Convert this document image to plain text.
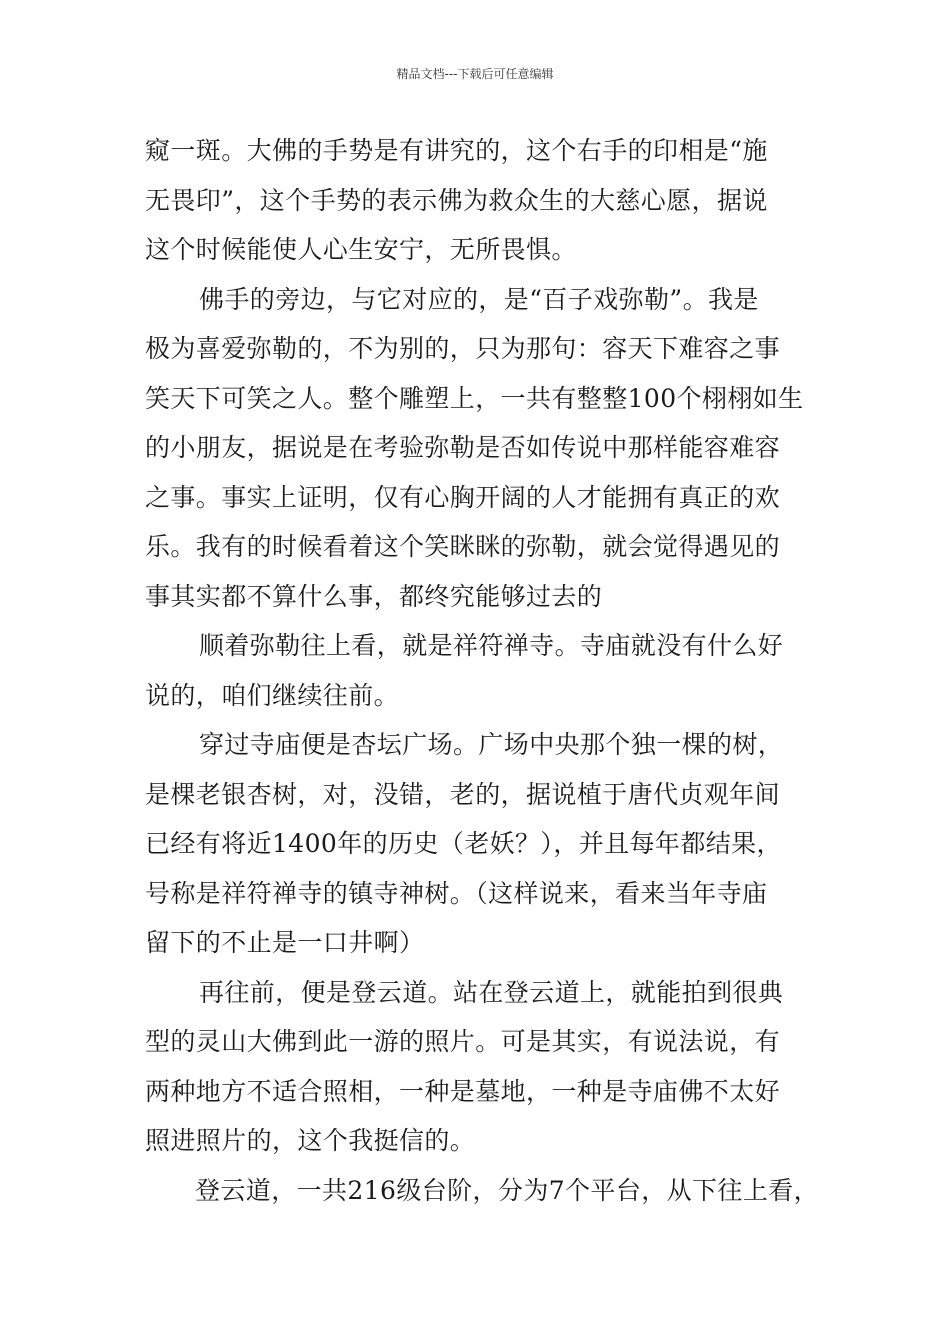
精品文档---下载后可任意编辑
窥一斑。大佛的手势是有讲究的，这个右手的印相是“施
无畏印”，这个手势的表示佛为救众生的大慈心愿，据说
这个时候能使人心生安宁，无所畏惧。
佛手的旁边，与它对应的，是“百子戏弥勒”。我是
极为喜爱弥勒的，不为别的，只为那句：容天下难容之事
笑天下可笑之人。整个雕塑上，一共有整整100个栩栩如生
的小朋友，据说是在考验弥勒是否如传说中那样能容难容
之事。事实上证明，仅有心胸开阔的人才能拥有真正的欢
乐。我有的时候看着这个笑眯眯的弥勒，就会觉得遇见的
事其实都不算什么事，都终究能够过去的
顺着弥勒往上看，就是祥符禅寺。寺庙就没有什么好
说的，咱们继续往前。
穿过寺庙便是杏坛广场。广场中央那个独一棵的树，
是棵老银杏树，对，没错，老的，据说植于唐代贞观年间
已经有将近1400年的历史（老妖？），并且每年都结果，
号称是祥符禅寺的镇寺神树。（这样说来，看来当年寺庙
留下的不止是一口井啊）
再往前，便是登云道。站在登云道上，就能拍到很典
型的灵山大佛到此一游的照片。可是其实，有说法说，有
两种地方不适合照相，一种是墓地，一种是寺庙佛不太好
照进照片的，这个我挺信的。
登云道，一共216级台阶，分为7个平台，从下往上看，
